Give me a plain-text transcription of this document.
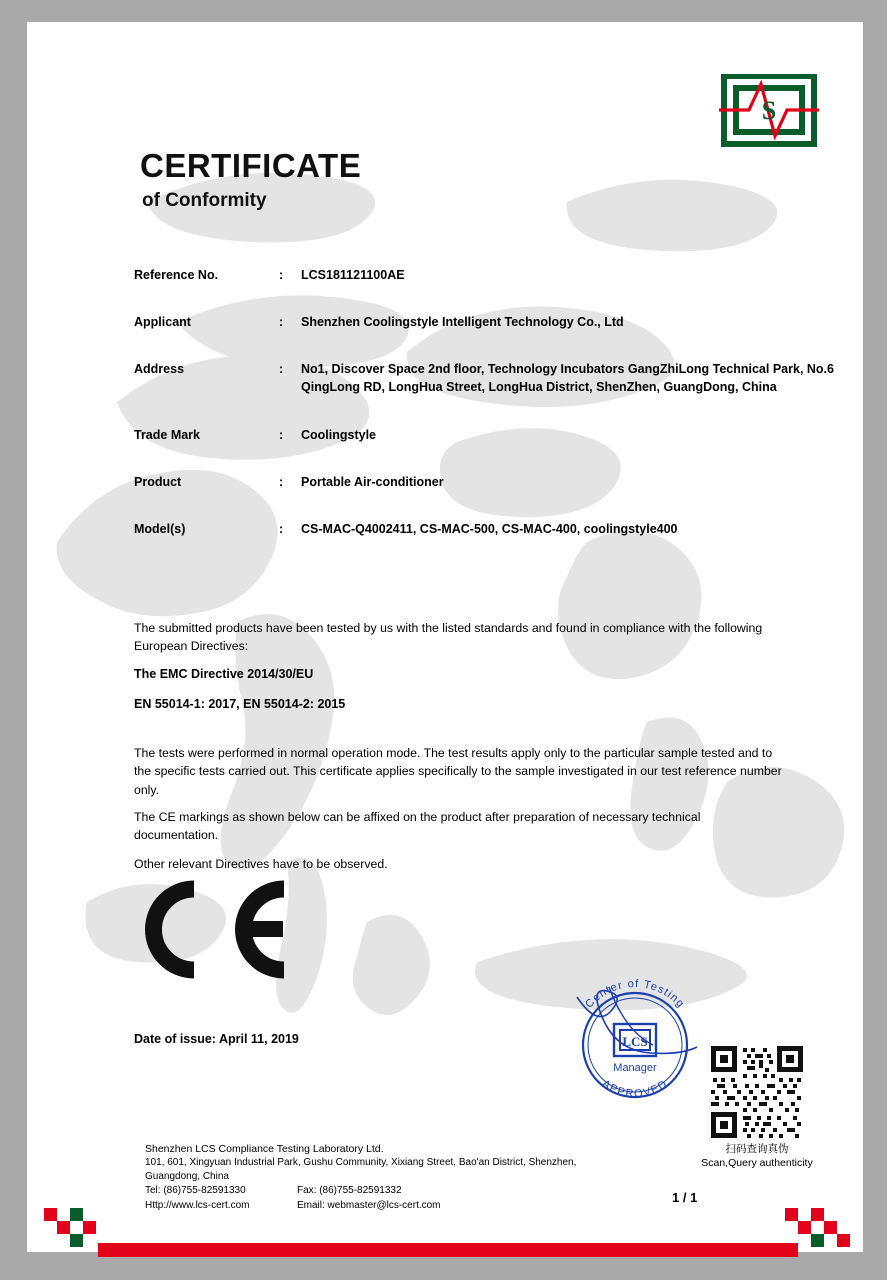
S
CERTIFICATE
of Conformity
Reference No.	:	LCS181121100AE
Applicant	:	Shenzhen Coolingstyle Intelligent Technology Co., Ltd
Address	:	No1, Discover Space 2nd floor, Technology Incubators GangZhiLong Technical Park, No.6 QingLong RD, LongHua Street, LongHua District, ShenZhen, GuangDong, China
Trade Mark	:	Coolingstyle
Product	:	Portable Air-conditioner
Model(s)	:	CS-MAC-Q4002411, CS-MAC-500, CS-MAC-400, coolingstyle400
The submitted products have been tested by us with the listed standards and found in compliance with the following European Directives:
The EMC Directive 2014/30/EU
EN 55014-1: 2017, EN 55014-2: 2015
The tests were performed in normal operation mode. The test results apply only to the particular sample tested and to the specific tests carried out. This certificate applies specifically to the sample investigated in our test reference number only.
The CE markings as shown below can be affixed on the product after preparation of necessary technical documentation.
Other relevant Directives have to be observed.
Date of issue: April 11, 2019
Center of Testing
APPROVED
LCS
Manager
扫码查询真伪
Scan,Query authenticity
Shenzhen LCS Compliance Testing Laboratory Ltd.
101, 601, Xingyuan Industrial Park, Gushu Community, Xixiang Street, Bao'an District, Shenzhen,
Guangdong, China
Tel: (86)755-82591330	Fax: (86)755-82591332
Http://www.lcs-cert.com	Email: webmaster@lcs-cert.com
1 / 1
